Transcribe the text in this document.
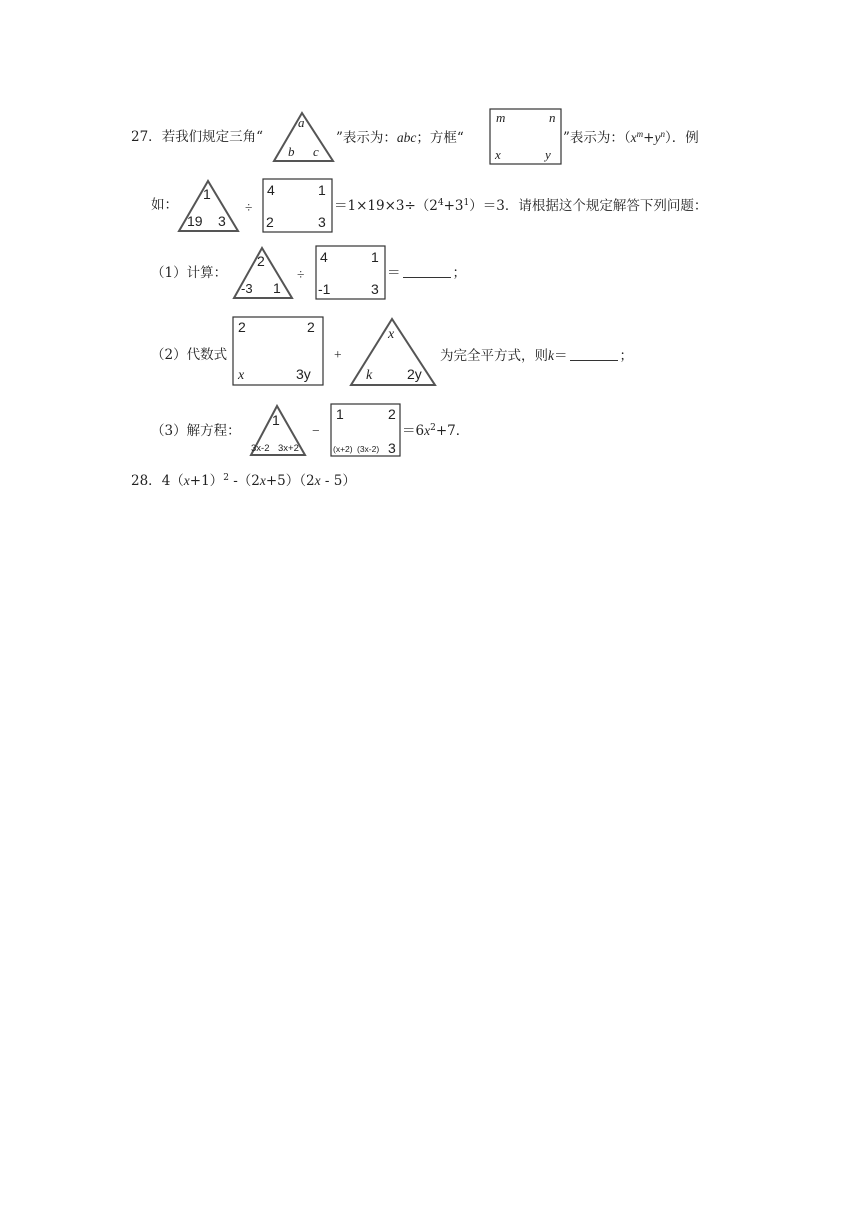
27．若我们规定三角“
a
b c
”表示为：abc；方框“
m	n
x	y
”表示为：$(x^m+y^n)$．例
如：
1
19 3
÷
4	1
2	3
$=1\times 19\times 3\div(2^4+3^1)=3$．请根据这个规定解答下列问题：
（1）计算：
2
-3 1
÷
4	1
-1	3
＝	；
（2）代数式
2	2
x	3y
+
x
k 2y
为完全平方式，则k＝	；
（3）解方程：
1
3x-2 3x+2
−
1	2
(x+2) (3x-2) 3
$=6x^2+7$．
28．$4(x+1)^2$ -（2x+5）（2x - 5）
